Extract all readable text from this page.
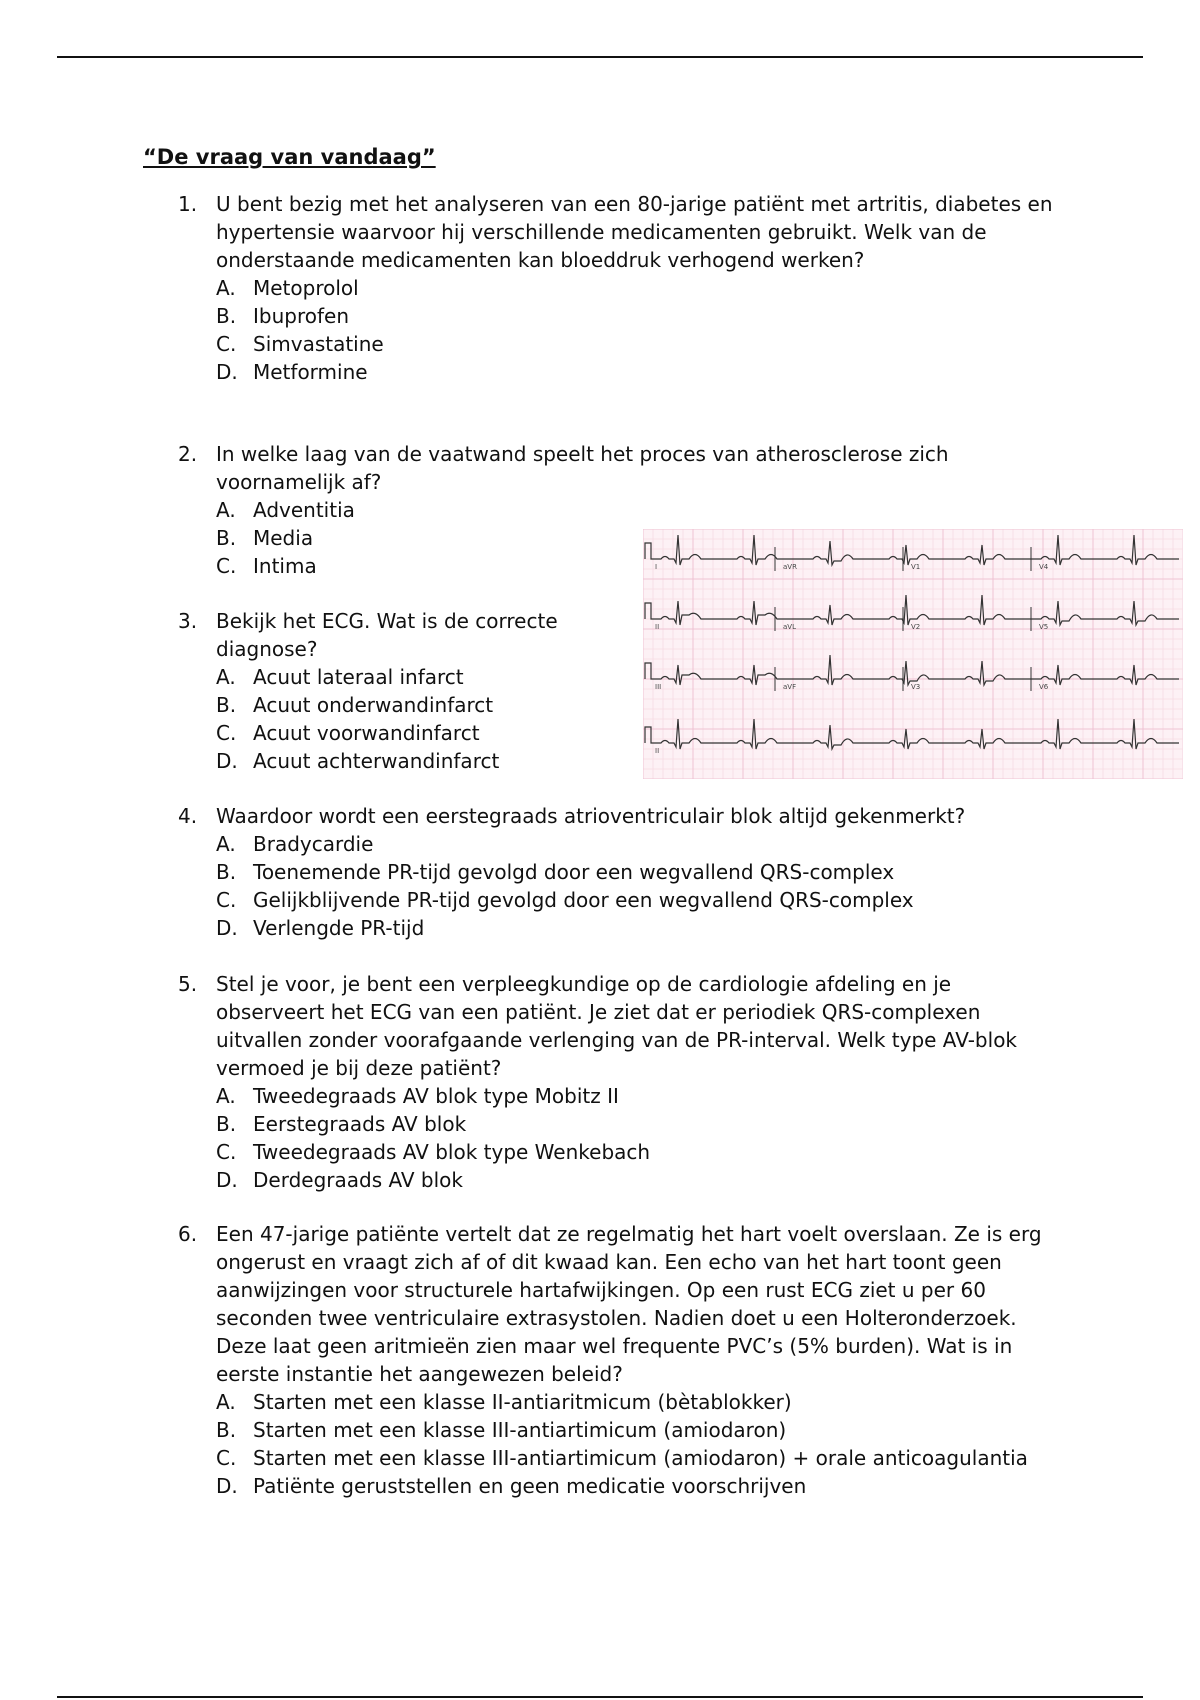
“De vraag van vandaag”
1. U bent bezig met het analyseren van een 80-jarige patiënt met artritis, diabetes en hypertensie waarvoor hij verschillende medicamenten gebruikt. Welk van de onderstaande medicamenten kan bloeddruk verhogend werken?
A. Metoprolol
B. Ibuprofen
C. Simvastatine
D. Metformine
2. In welke laag van de vaatwand speelt het proces van atherosclerose zich voornamelijk af?
A. Adventitia
B. Media
C. Intima
3. Bekijk het ECG. Wat is de correcte diagnose?
A. Acuut lateraal infarct
B. Acuut onderwandinfarct
C. Acuut voorwandinfarct
D. Acuut achterwandinfarct
I	aVR	V1	V4
II	aVL	V2	V5
III	aVF	V3	V6
II
4. Waardoor wordt een eerstegraads atrioventriculair blok altijd gekenmerkt?
A. Bradycardie
B. Toenemende PR-tijd gevolgd door een wegvallend QRS-complex
C. Gelijkblijvende PR-tijd gevolgd door een wegvallend QRS-complex
D. Verlengde PR-tijd
5. Stel je voor, je bent een verpleegkundige op de cardiologie afdeling en je observeert het ECG van een patiënt. Je ziet dat er periodiek QRS-complexen uitvallen zonder voorafgaande verlenging van de PR-interval. Welk type AV-blok vermoed je bij deze patiënt?
A. Tweedegraads AV blok type Mobitz II
B. Eerstegraads AV blok
C. Tweedegraads AV blok type Wenkebach
D. Derdegraads AV blok
6. Een 47-jarige patiënte vertelt dat ze regelmatig het hart voelt overslaan. Ze is erg ongerust en vraagt zich af of dit kwaad kan. Een echo van het hart toont geen aanwijzingen voor structurele hartafwijkingen. Op een rust ECG ziet u per 60 seconden twee ventriculaire extrasystolen. Nadien doet u een Holteronderzoek. Deze laat geen aritmieën zien maar wel frequente PVC’s (5% burden). Wat is in eerste instantie het aangewezen beleid?
A. Starten met een klasse II-antiaritmicum (bètablokker)
B. Starten met een klasse III-antiartimicum (amiodaron)
C. Starten met een klasse III-antiartimicum (amiodaron) + orale anticoagulantia
D. Patiënte geruststellen en geen medicatie voorschrijven
